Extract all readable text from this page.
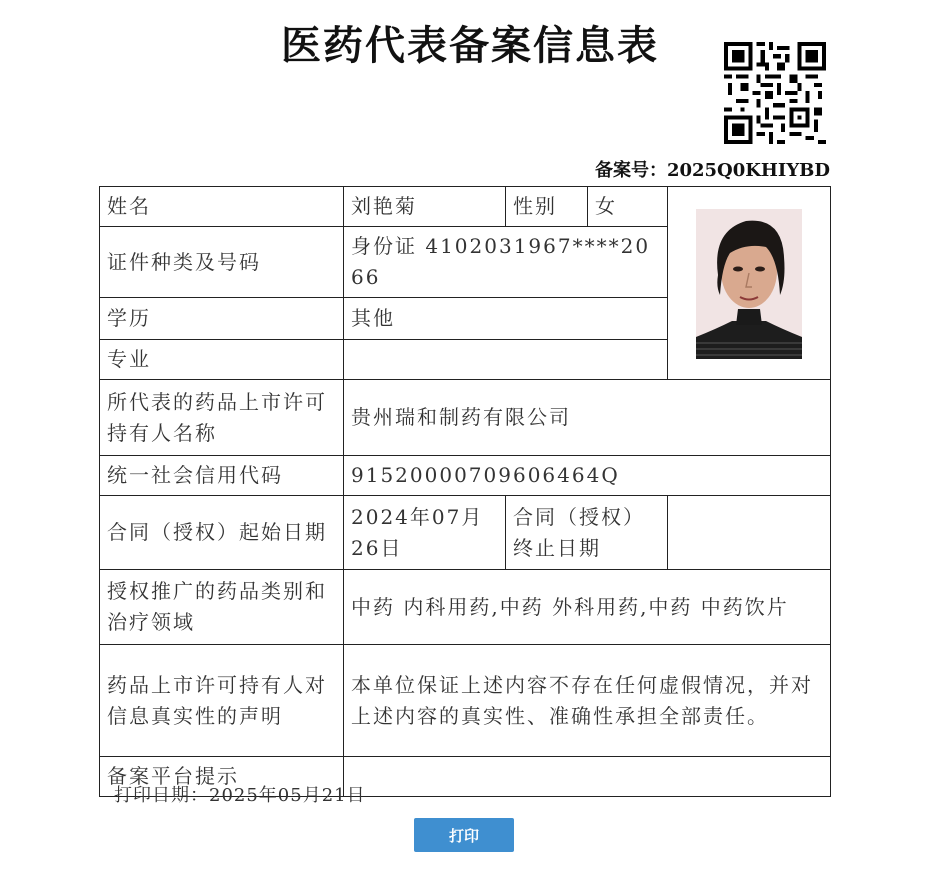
医药代表备案信息表
备案号：2025Q0KHIYBD
姓名	刘艳菊	性别	女	

证件种类及号码	身份证 4102031967****2066			
学历	其他			
专业				
所代表的药品上市许可持有人名称	贵州瑞和制药有限公司			
统一社会信用代码	91520000709606464Q			
合同（授权）起始日期	2024年07月26日	合同（授权）终止日期		
授权推广的药品类别和治疗领域	中药 内科用药,中药 外科用药,中药 中药饮片			
药品上市许可持有人对信息真实性的声明	本单位保证上述内容不存在任何虚假情况，并对上述内容的真实性、准确性承担全部责任。			
备案平台提示				
打印日期：2025年05月21日
打印
